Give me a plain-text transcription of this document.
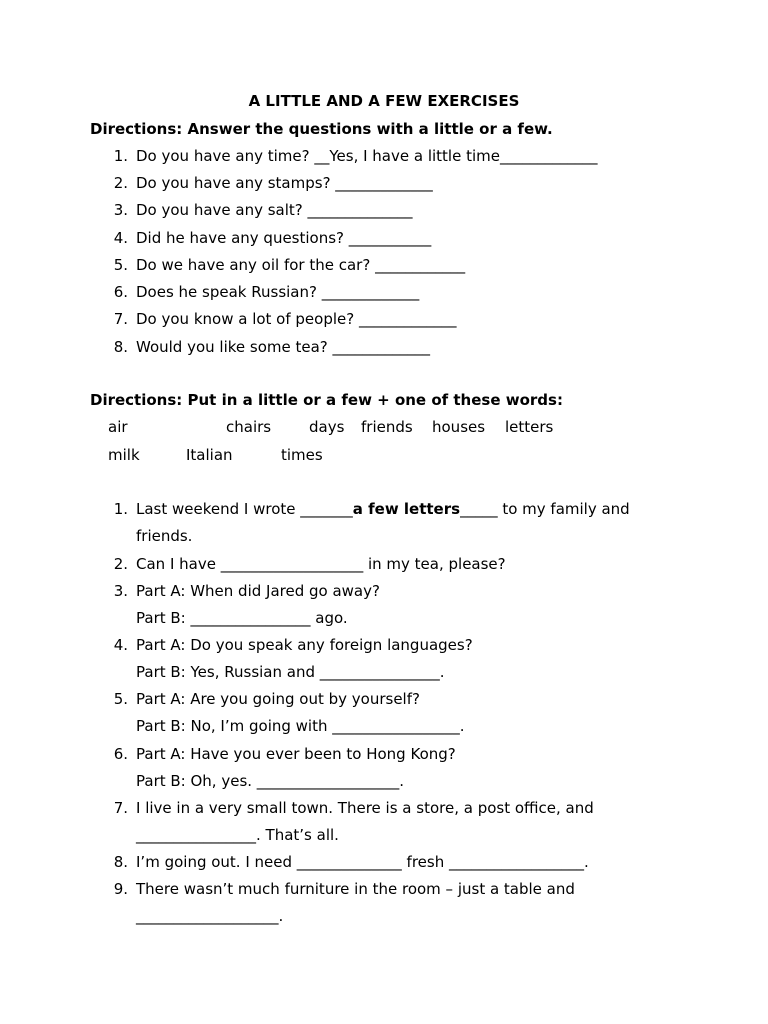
A LITTLE AND A FEW EXERCISES
Directions: Answer the questions with a little or a few.
1. Do you have any time? __Yes, I have a little time_____________
2. Do you have any stamps? _____________
3. Do you have any salt? ______________
4. Did he have any questions? ___________
5. Do we have any oil for the car? ____________
6. Does he speak Russian? _____________
7. Do you know a lot of people? _____________
8. Would you like some tea? _____________
Directions: Put in a little or a few + one of these words:
air	chairs	days friends houses letters
milk	Italian	times
1. Last weekend I wrote _______a few letters_____ to my family and
friends.
2. Can I have ___________________ in my tea, please?
3. Part A: When did Jared go away?
Part B: ________________ ago.
4. Part A: Do you speak any foreign languages?
Part B: Yes, Russian and ________________.
5. Part A: Are you going out by yourself?
Part B: No, I’m going with _________________.
6. Part A: Have you ever been to Hong Kong?
Part B: Oh, yes. ___________________.
7. I live in a very small town. There is a store, a post office, and
________________. That’s all.
8. I’m going out. I need ______________ fresh __________________.
9. There wasn’t much furniture in the room – just a table and
___________________.
